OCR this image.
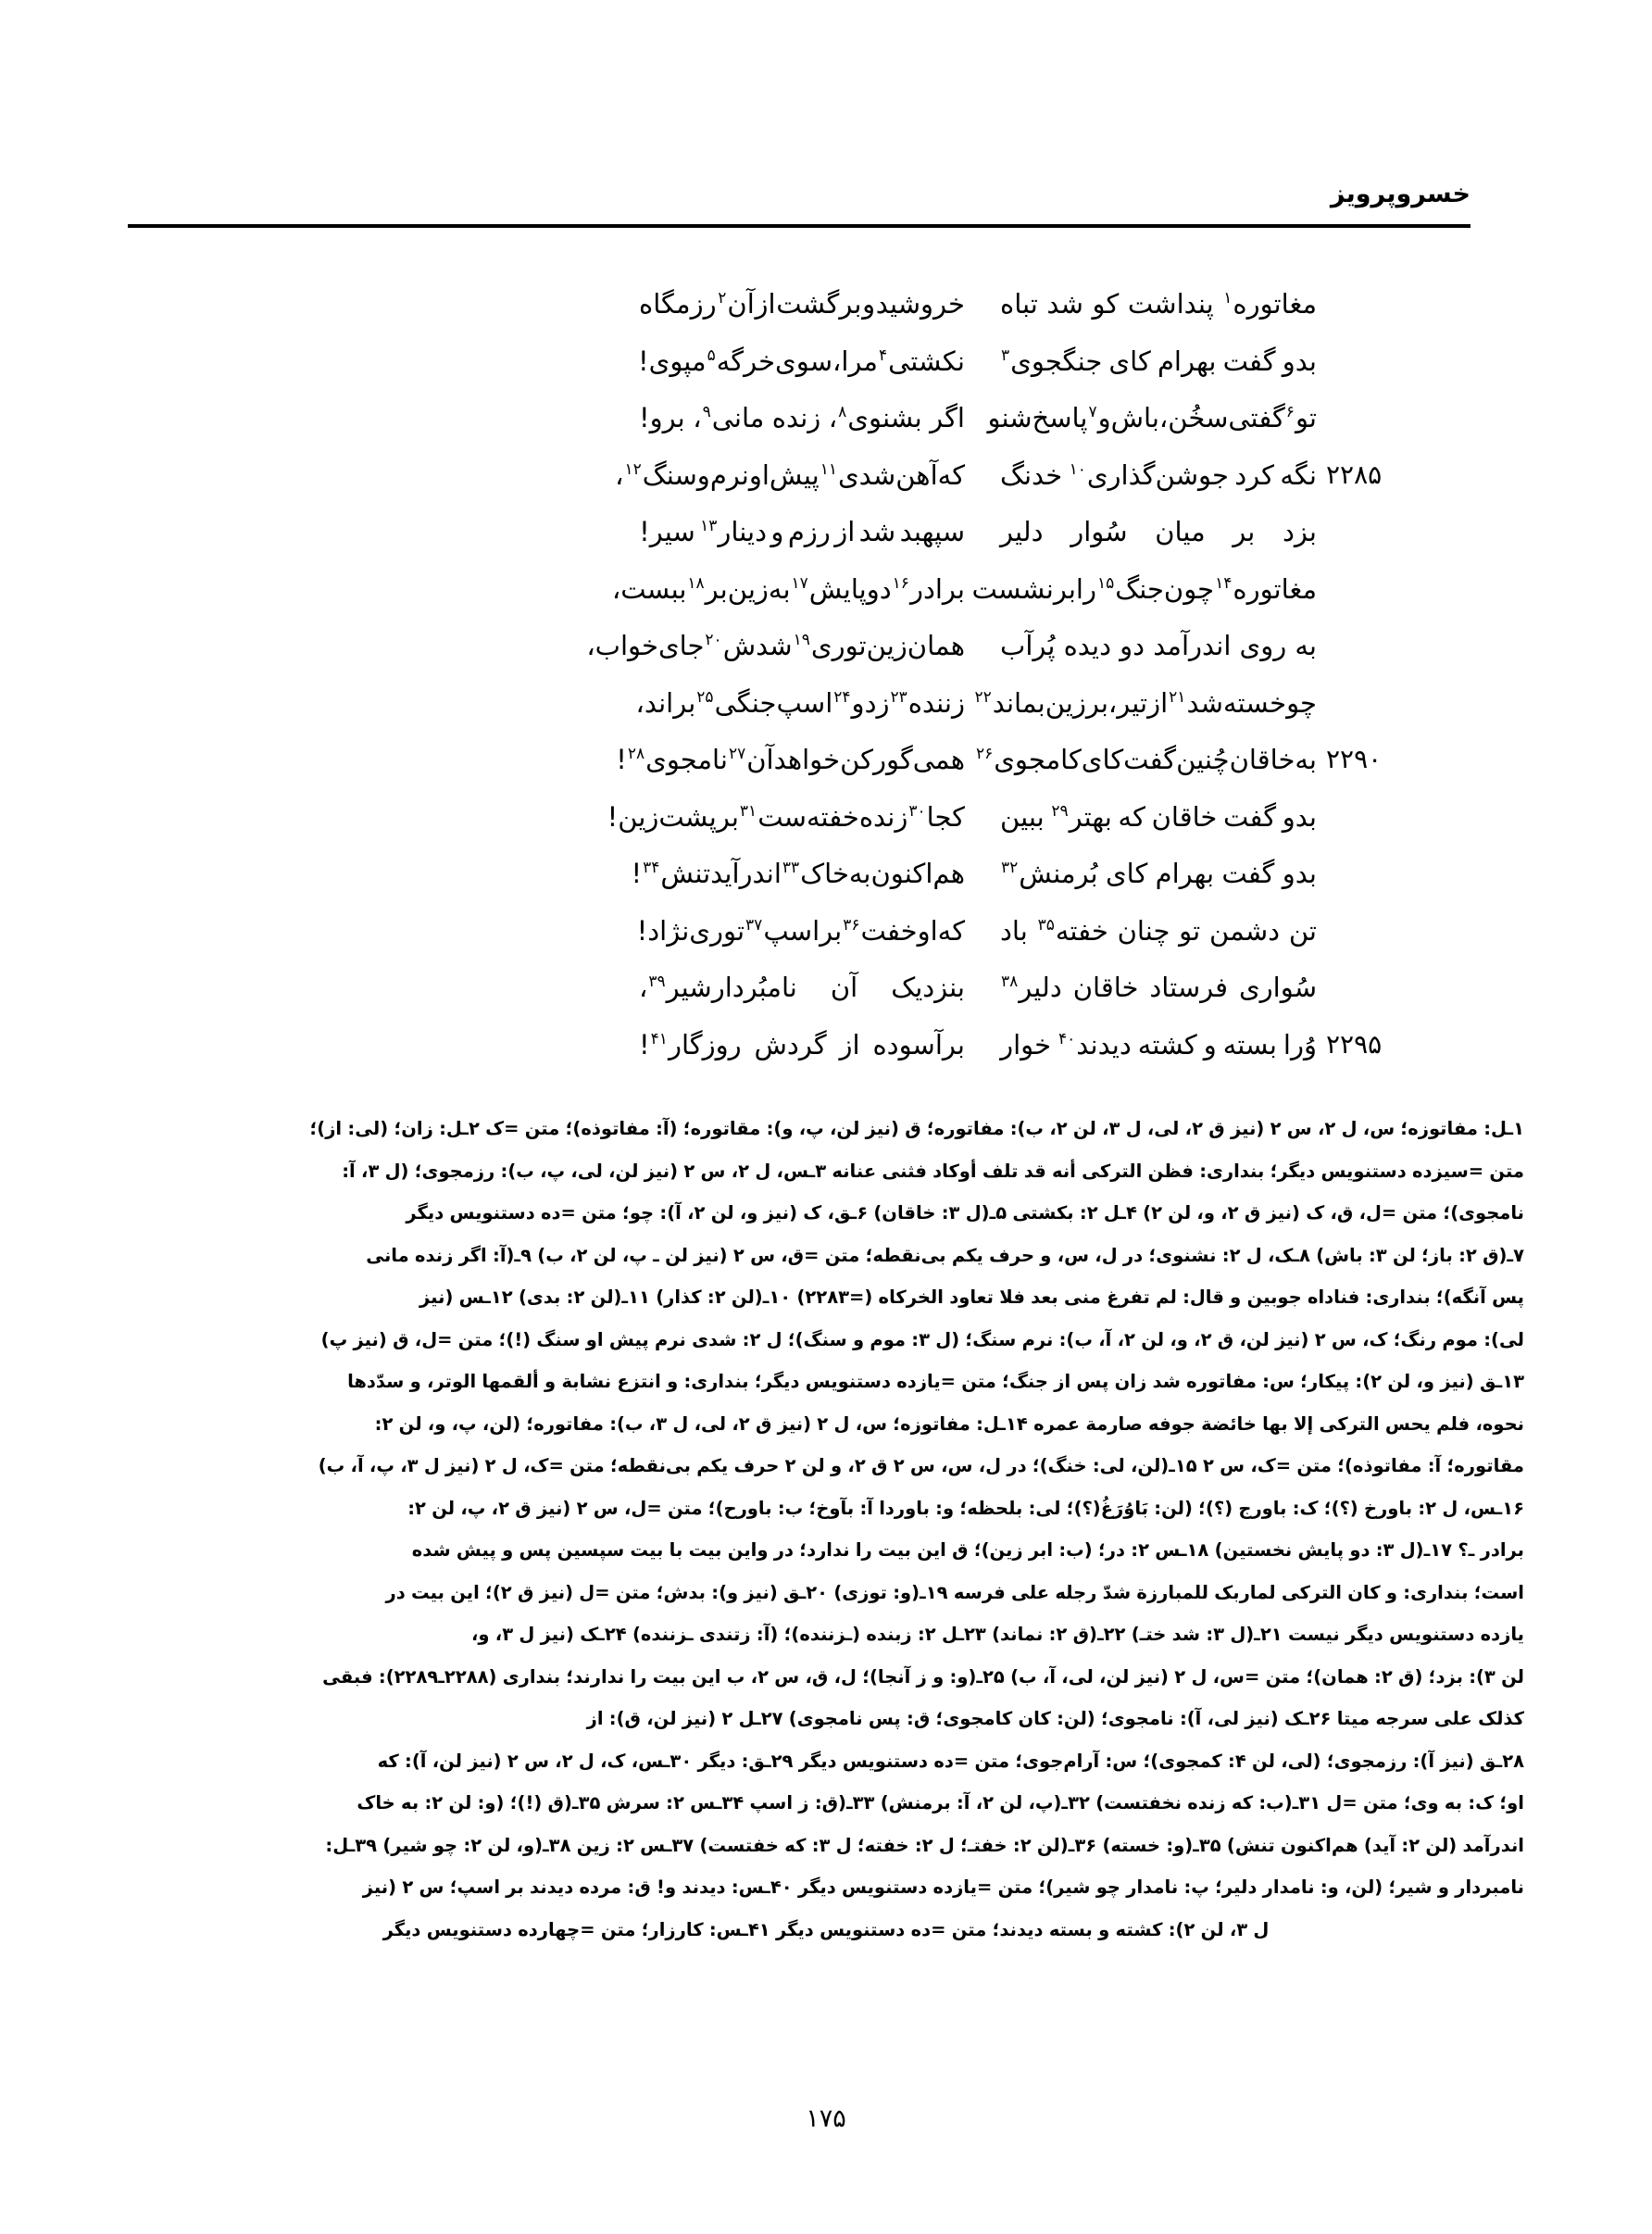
خسروپرویز
مغاتوره$^۱$
پنداشت
کو
شد
تباه
خروشید
و
برگشت
از
آن$^۲$
رزمگاه
بدو
گفت
بهرام
کای
جنگجوی$^۳$
نکشتی$^۴$
مرا،
سوی
خرگه$^۵$
مپوی!
تو$^۶$
گفتی
سخُن،
باش
و$^۷$
پاسخ
شنو
اگر
بشنوی$^۸$،
زنده
مانی$^۹$،
برو!
۲۲۸۵
نگه
کرد
جوشن‌گذاری$^{۱۰}$
خدنگ
که
آهن
شدی$^{۱۱}$
پیش
او
نرم
و
سنگ$^{۱۲}$،
بزد
بر
میان
سُوار
دلیر
سپهبد
شد
از
رزم
و
دینار$^{۱۳}$
سیر!
مغاتوره$^{۱۴}$
چون
جنگ$^{۱۵}$
را
برنشست
برادر$^{۱۶}$
دو
پایش$^{۱۷}$
به
زین
بر$^{۱۸}$
ببست،
به
روی
اندرآمد
دو
دیده
پُرآب
همان
زین
توری$^{۱۹}$
شدش$^{۲۰}$
جای
خواب،
چو
خسته
شد$^{۲۱}$
از
تیر،
بر
زین
بماند$^{۲۲}$
زننده$^{۲۳}$
زد
و$^{۲۴}$
اسپ
جنگی$^{۲۵}$
براند،
۲۲۹۰
به
خاقان
چُنین
گفت
کای
کامجوی$^{۲۶}$
همی
گورکن
خواهد
آن$^{۲۷}$
نامجوی$^{۲۸}$!
بدو
گفت
خاقان
که
بهتر$^{۲۹}$
ببین
کجا$^{۳۰}$
زنده
خفته‌ست$^{۳۱}$
بر
پشت
زین!
بدو
گفت
بهرام
کای
بُرمنش$^{۳۲}$
هم‌اکنون
به
خاک$^{۳۳}$
اندرآید
تنش$^{۳۴}$!
تن
دشمن
تو
چنان
خفته$^{۳۵}$
باد
که
او
خفت$^{۳۶}$
بر
اسپ$^{۳۷}$
توری‌نژاد!
سُواری
فرستاد
خاقان
دلیر$^{۳۸}$
بنزدیک
آن
نامبُردارشیر$^{۳۹}$،
۲۲۹۵
وُرا
بسته
و
کشته
دیدند$^{۴۰}$
خوار
برآسوده
از
گردش
روزگار$^{۴۱}$!

۱ـل: مفاتوزه؛ س، ل ۲، س ۲ (نیز ق ۲، لی، ل ۳، لن ۲، ب): مفاتوره؛ ق (نیز لن، پ، و): مقاتوره؛ (آ: مفاتوذه)؛ متن =ک ۲ـل: زان؛ (لی: از)؛

متن =سیزده دستنویس دیگر؛ بنداری: فظن الترکی أنه قد تلف أوکاد فثنی عنانه ۳ـس، ل ۲، س ۲ (نیز لن، لی، پ، ب): رزمجوی؛ (ل ۳، آ:

نامجوی)؛ متن =ل، ق، ک (نیز ق ۲، و، لن ۲) ۴ـل ۲: بکشتی ۵ـ(ل ۳: خاقان) ۶ـق، ک (نیز و، لن ۲، آ): چو؛ متن =ده دستنویس دیگر

۷ـ(ق ۲: باز؛ لن ۳: باش) ۸ـک، ل ۲: نشنوی؛ در ل، س، و حرف یکم بی‌نقطه؛ متن =ق، س ۲ (نیز لن ـ پ، لن ۲، ب) ۹ـ(آ: اگر زنده مانی

پس آنگه)؛ بنداری: فناداه جوبین و قال: لم تفرغ منی بعد فلا تعاود الخرکاه (=۲۲۸۳) ۱۰ـ(لن ۲: کذار) ۱۱ـ(لن ۲: بدی) ۱۲ـس (نیز

لی): موم رنگ؛ ک، س ۲ (نیز لن، ق ۲، و، لن ۲، آ، ب): نرم سنگ؛ (ل ۳: موم و سنگ)؛ ل ۲: شدی نرم پیش او سنگ (!)؛ متن =ل، ق (نیز پ)

۱۳ـق (نیز و، لن ۲): پیکار؛ س: مفاتوره شد زان پس از جنگ؛ متن =یازده دستنویس دیگر؛ بنداری: و انتزع نشابة و ألقمها الوتر، و سدّدها

نحوه، فلم یحس الترکی إلا بها خائضة جوفه صارمة عمره ۱۴ـل: مفاتوزه؛ س، ل ۲ (نیز ق ۲، لی، ل ۳، ب): مفاتوره؛ (لن، پ، و، لن ۲:

مقاتوره؛ آ: مفاتوذه)؛ متن =ک، س ۲ ۱۵ـ(لن، لی: خنگ)؛ در ل، س، س ۲ ق ۲، و لن ۲ حرف یکم بی‌نقطه؛ متن =ک، ل ۲ (نیز ل ۳، پ، آ، ب)

۱۶ـس، ل ۲: باورخ (؟)؛ ک: باورج (؟)؛ (لن: بَاوُرَغُ(؟)؛ لی: بلحظه؛ و: باوردا آ: بآوخ؛ ب: باورح)؛ متن =ل، س ۲ (نیز ق ۲، پ، لن ۲:

برادر ـ؟ ۱۷ـ(ل ۳: دو پایش نخستین) ۱۸ـس ۲: در؛ (ب: ابر زین)؛ ق این بیت را ندارد؛ در واین بیت با بیت سپسین پس و پیش شده

است؛ بنداری: و کان الترکی لماربک للمبارزة شدّ رجله علی فرسه ۱۹ـ(و: توزی) ۲۰ـق (نیز و): بدش؛ متن =ل (نیز ق ۲)؛ این بیت در

یازده دستنویس دیگر نیست ۲۱ـ(ل ۳: شد ختـ) ۲۲ـ(ق ۲: نماند) ۲۳ـل ۲: زبنده (ـزننده)؛ (آ: زتندی ـزننده) ۲۴ـک (نیز ل ۳، و،

لن ۳): بزد؛ (ق ۲: همان)؛ متن =س، ل ۲ (نیز لن، لی، آ، ب) ۲۵ـ(و: و ز آنجا)؛ ل، ق، س ۲، ب این بیت را ندارند؛ بنداری (۲۲۸۸ـ۲۲۸۹): فبقی

کذلک علی سرجه میتا ۲۶ـک (نیز لی، آ): نامجوی؛ (لن: کان کامجوی؛ ق: پس نامجوی) ۲۷ـل ۲ (نیز لن، ق): از

۲۸ـق (نیز آ): رزمجوی؛ (لی، لن ۴: کمجوی)؛ س: آرام‌جوی؛ متن =ده دستنویس دیگر ۲۹ـق: دیگر ۳۰ـس، ک، ل ۲، س ۲ (نیز لن، آ): که

او؛ ک: به وی؛ متن =ل ۳۱ـ(ب: که زنده نخفتست) ۳۲ـ(پ، لن ۲، آ: برمنش) ۳۳ـ(ق: ز اسپ ۳۴ـس ۲: سرش ۳۵ـ(ق (!)؛ (و: لن ۲: به خاک

اندرآمد (لن ۲: آید) هم‌اکنون تنش) ۳۵ـ(و: خسته) ۳۶ـ(لن ۲: خفتـ؛ ل ۲: خفته؛ ل ۳: که خفتست) ۳۷ـس ۲: زین ۳۸ـ(و، لن ۲: چو شیر) ۳۹ـل:

نامبردار و شیر؛ (لن، و: نامدار دلیر؛ پ: نامدار چو شیر)؛ متن =یازده دستنویس دیگر ۴۰ـس: دیدند و! ق: مرده دیدند بر اسپ؛ س ۲ (نیز

ل ۳، لن ۲): کشته و بسته دیدند؛ متن =ده دستنویس دیگر ۴۱ـس: کارزار؛ متن =چهارده دستنویس دیگر

۱۷۵
